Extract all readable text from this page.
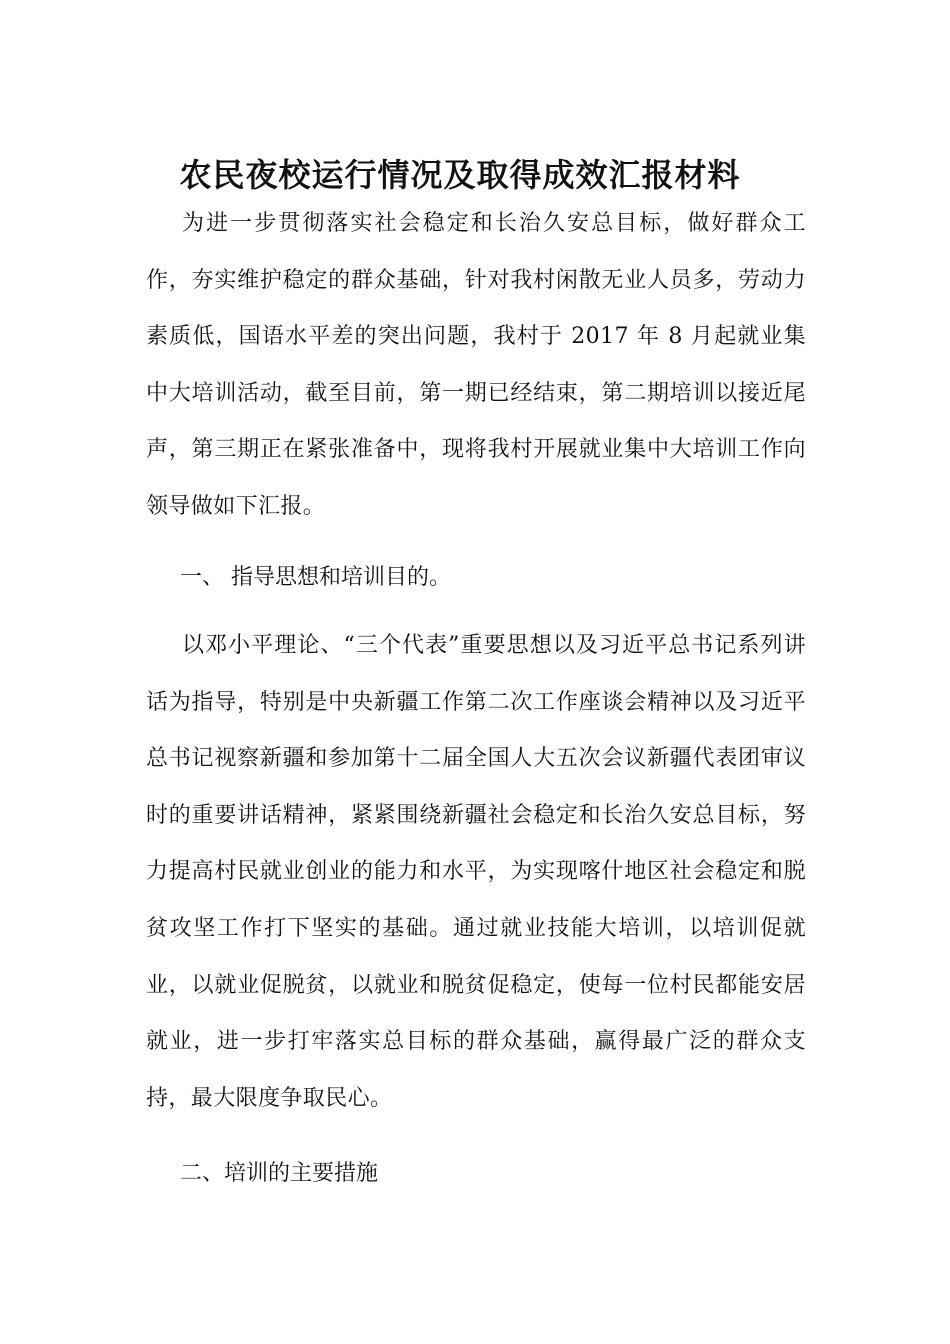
农民夜校运行情况及取得成效汇报材料

为进一步贯彻落实社会稳定和长治久安总目标，做好群众工作，夯实维护稳定的群众基础，针对我村闲散无业人员多，劳动力素质低，国语水平差的突出问题，我村于 2017 年 8 月起就业集中大培训活动，截至目前，第一期已经结束，第二期培训以接近尾声，第三期正在紧张准备中，现将我村开展就业集中大培训工作向领导做如下汇报。

一、 指导思想和培训目的。

以邓小平理论、“三个代表”重要思想以及习近平总书记系列讲话为指导，特别是中央新疆工作第二次工作座谈会精神以及习近平总书记视察新疆和参加第十二届全国人大五次会议新疆代表团审议时的重要讲话精神，紧紧围绕新疆社会稳定和长治久安总目标，努力提高村民就业创业的能力和水平，为实现喀什地区社会稳定和脱贫攻坚工作打下坚实的基础。通过就业技能大培训，以培训促就业，以就业促脱贫，以就业和脱贫促稳定，使每一位村民都能安居就业，进一步打牢落实总目标的群众基础，赢得最广泛的群众支持，最大限度争取民心。

二、培训的主要措施
